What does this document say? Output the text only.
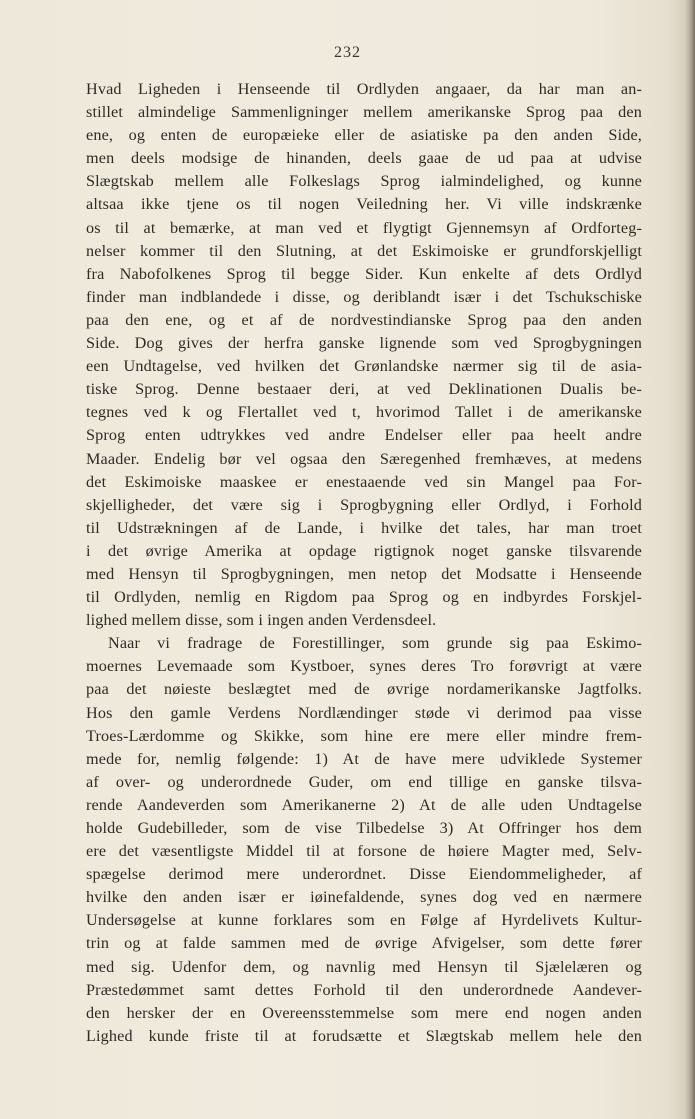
232
Hvad Ligheden i Henseende til Ordlyden angaaer, da har man an-
stillet almindelige Sammenligninger mellem amerikanske Sprog paa den
ene, og enten de europæieke eller de asiatiske pa den anden Side,
men deels modsige de hinanden, deels gaae de ud paa at udvise
Slægtskab mellem alle Folkeslags Sprog ialmindelighed, og kunne
altsaa ikke tjene os til nogen Veiledning her. Vi ville indskrænke
os til at bemærke, at man ved et flygtigt Gjennemsyn af Ordforteg-
nelser kommer til den Slutning, at det Eskimoiske er grundforskjelligt
fra Nabofolkenes Sprog til begge Sider. Kun enkelte af dets Ordlyd
finder man indblandede i disse, og deriblandt især i det Tschukschiske
paa den ene, og et af de nordvestindianske Sprog paa den anden
Side. Dog gives der herfra ganske lignende som ved Sprogbygningen
een Undtagelse, ved hvilken det Grønlandske nærmer sig til de asia-
tiske Sprog. Denne bestaaer deri, at ved Deklinationen Dualis be-
tegnes ved k og Flertallet ved t, hvorimod Tallet i de amerikanske
Sprog enten udtrykkes ved andre Endelser eller paa heelt andre
Maader. Endelig bør vel ogsaa den Særegenhed fremhæves, at medens
det Eskimoiske maaskee er enestaaende ved sin Mangel paa For-
skjelligheder, det være sig i Sprogbygning eller Ordlyd, i Forhold
til Udstrækningen af de Lande, i hvilke det tales, har man troet
i det øvrige Amerika at opdage rigtignok noget ganske tilsvarende
med Hensyn til Sprogbygningen, men netop det Modsatte i Henseende
til Ordlyden, nemlig en Rigdom paa Sprog og en indbyrdes Forskjel-
lighed mellem disse, som i ingen anden Verdensdeel.
Naar vi fradrage de Forestillinger, som grunde sig paa Eskimo-
moernes Levemaade som Kystboer, synes deres Tro forøvrigt at være
paa det nøieste beslægtet med de øvrige nordamerikanske Jagtfolks.
Hos den gamle Verdens Nordlændinger støde vi derimod paa visse
Troes-Lærdomme og Skikke, som hine ere mere eller mindre frem-
mede for, nemlig følgende: 1) At de have mere udviklede Systemer
af over- og underordnede Guder, om end tillige en ganske tilsva-
rende Aandeverden som Amerikanerne 2) At de alle uden Undtagelse
holde Gudebilleder, som de vise Tilbedelse 3) At Offringer hos dem
ere det væsentligste Middel til at forsone de høiere Magter med, Selv-
spægelse derimod mere underordnet. Disse Eiendommeligheder, af
hvilke den anden især er iøinefaldende, synes dog ved en nærmere
Undersøgelse at kunne forklares som en Følge af Hyrdelivets Kultur-
trin og at falde sammen med de øvrige Afvigelser, som dette fører
med sig. Udenfor dem, og navnlig med Hensyn til Sjælelæren og
Præstedømmet samt dettes Forhold til den underordnede Aandever-
den hersker der en Overeensstemmelse som mere end nogen anden
Lighed kunde friste til at forudsætte et Slægtskab mellem hele den
